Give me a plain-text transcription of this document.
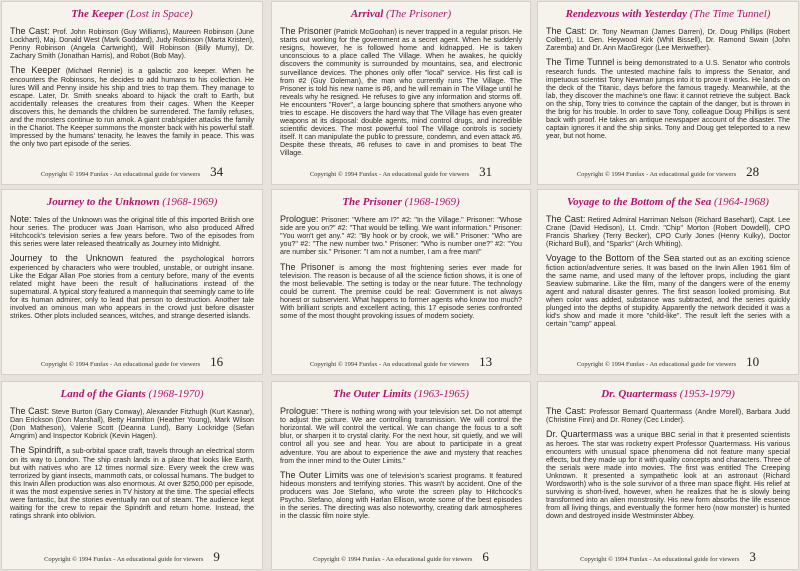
The Keeper (Lost in Space)

The Cast: Prof. John Robinson (Guy Williams), Maureen Robinson (June Lockhart), Maj. Donald West (Mark Goddard), Judy Robinson (Marta Kristen), Penny Robinson (Angela Cartwright), Will Robinson (Billy Mumy), Dr. Zachary Smith (Jonathan Harris), and Robot (Bob May).

The Keeper (Michael Rennie) is a galactic zoo keeper. When he encounters the Robinsons, he decides to add humans to his collection. He lures Will and Penny inside his ship and tries to trap them. They manage to escape. Later, Dr. Smith sneaks aboard to hijack the craft to Earth, but accidentally releases the creatures from their cages. When the Keeper discovers this, he demands the children be surrendered. The family refuses, and the monsters continue to run amok. A giant crab/spider attacks the family in the Chariot. The Keeper summons the monster back with his powerful staff. Impressed by the humans' tenacity, he leaves the family in peace. This was the only two part episode of the series.

Copyright © 1994 Funfax - An educational guide for viewers 34
Arrival (The Prisoner)

The Prisoner (Patrick McGoohan) is never trapped in a regular prison. He starts out working for the government as a secret agent. When he suddenly resigns, however, he is followed home and kidnapped. He is taken unconscious to a place called The Village. When he awakes, he quickly discovers the community is surrounded by mountains, sea, and electronic surveillance devices. The phones only offer "local" service. His first call is from #2 (Guy Doleman), the man who currently runs The Village. The Prisoner is told his new name is #6, and he will remain in The Village until he reveals why he resigned. He refuses to give any information and storms off. He encounters "Rover", a large bouncing sphere that smothers anyone who tries to escape. He discovers the hard way that The Village has even greater weapons at its disposal: double agents, mind control drugs, and incredible scientific devices. The most powerful tool The Village controls is society itself. It can manipulate the public to pressure, condemn, and even attack #6. Despite these threats, #6 refuses to cave in and promises to beat The Village.

Copyright © 1994 Funfax - An educational guide for viewers 31
Rendezvous with Yesterday (The Time Tunnel)

The Cast: Dr. Tony Newman (James Darren), Dr. Doug Phillips (Robert Colbert), Lt. Gen. Heywood Kirk (Whit Bissell), Dr. Ramond Swain (John Zaremba) and Dr. Ann MacGregor (Lee Meriwether).

The Time Tunnel is being demonstrated to a U.S. Senator who controls research funds. The untested machine fails to impress the Senator, and impetuous scientist Tony Newman jumps into it to prove it works. He lands on the deck of the Titanic, days before the famous tragedy. Meanwhile, at the lab, they discover the machine's one flaw: it cannot retrieve the subject. Back on the ship, Tony tries to convince the captain of the danger, but is thrown in the brig for his trouble. In order to save Tony, colleague Doug Phillips is sent back with proof. He takes an antique newspaper account of the disaster. The captain ignores it and the ship sinks. Tony and Doug get teleported to a new year, but not home.

Copyright © 1994 Funfax - An educational guide for viewers 28
Journey to the Unknown (1968-1969)

Note: Tales of the Unknown was the original title of this imported British one hour series. The producer was Joan Harrison, who also produced Alfred Hitchcock's television series a few years before. Two of the episodes from this series were later released theatrically as Journey into Midnight.

Journey to the Unknown featured the psychological horrors experienced by characters who were troubled, unstable, or outright insane. Like the Edgar Allan Poe stories from a century before, many of the events related might have been the result of hallucinations instead of the supernatural. A typical story featured a mannequin that seemingly came to life for its human admirer, only to lead that person to destruction. Another tale involved an ominous man who appears in the crowd just before disaster strikes. Other plots included seances, witches, and strange deserted islands.

Copyright © 1994 Funfax - An educational guide for viewers 16
The Prisoner (1968-1969)

Prologue: Prisoner: "Where am I?" #2: "In the Village." Prisoner: "Whose side are you on?" #2: "That would be telling. We want information." Prisoner: "You won't get any." #2: "By hook or by crook, we will." Prisoner: "Who are you?" #2: "The new number two." Prisoner: "Who is number one?" #2: "You are number six." Prisoner: "I am not a number, I am a free man!"

The Prisoner is among the most frightening series ever made for television. The reason is because of all the science fiction shows, it is one of the most believable. The setting is today or the near future. The technology could be current. The premise could be real: Government is not always honest or subservient. What happens to former agents who know too much? With brilliant scripts and excellent acting, this 17 episode series confronted some of the most thought provoking issues of modern society.

Copyright © 1994 Funfax - An educational guide for viewers 13
Voyage to the Bottom of the Sea (1964-1968)

The Cast: Retired Admiral Harriman Nelson (Richard Basehart), Capt. Lee Crane (David Hedison), Lt. Cmdr. "Chip" Morton (Robert Dowdell), CPO Francis Sharkey (Terry Becker), CPO Curly Jones (Henry Kulky), Doctor (Richard Bull), and "Sparks" (Arch Whiting).

Voyage to the Bottom of the Sea started out as an exciting science fiction action/adventure series. It was based on the Irwin Allen 1961 film of the same name, and used many of the leftover props, including the giant Seaview submarine. Like the film, many of the dangers were of the enemy agent and natural disaster genres. The first season looked promising. But when color was added, substance was subtracted, and the series quickly plunged into the depths of stupidity. Apparently the network decided it was a kid's show and made it more "child-like". The result left the series with a certain "camp" appeal.

Copyright © 1994 Funfax - An educational guide for viewers 10
Land of the Giants (1968-1970)

The Cast: Steve Burton (Gary Conway), Alexander Fitzhugh (Kurt Kasnar), Dan Erickson (Don Marshall), Betty Hamilton (Heather Young), Mark Wilson (Don Matheson), Valerie Scott (Deanna Lund), Barry Lockridge (Sefan Arngrim) and Inspector Kobrick (Kevin Hagen).

The Spindrift, a sub-orbital space craft, travels through an electrical storm on its way to London. The ship crash lands in a place that looks like Earth, but with natives who are 12 times normal size. Every week the crew was terrorized by giant insects, mammoth cats, or colossal humans. The budget to this Irwin Allen production was also enormous. At over $250,000 per episode, it was the most expensive series in TV history at the time. The special effects were fantastic, but the stories eventually ran out of steam. The audience kept waiting for the crew to repair the Spindrift and return home. Instead, the ratings shrank into oblivion.

Copyright © 1994 Funfax - An educational guide for viewers 9
The Outer Limits (1963-1965)

Prologue: "There is nothing wrong with your television set. Do not attempt to adjust the picture. We are controlling transmission. We will control the horizontal. We will control the vertical. We can change the focus to a soft blur, or sharpen it to crystal clarity. For the next hour, sit quietly, and we will control all you see and hear. You are about to participate in a great adventure. You are about to experience the awe and mystery that reaches from the inner mind to the Outer Limits."

The Outer Limits was one of television's scariest programs. It featured hideous monsters and terrifying stories. This wasn't by accident. One of the producers was Joe Stefano, who wrote the screen play to Hitchcock's Psycho. Stefano, along with Harlan Ellison, wrote some of the best episodes in the series. The directing was also noteworthy, creating dark atmospheres in the classic film noire style.

Copyright © 1994 Funfax - An educational guide for viewers 6
Dr. Quartermass (1953-1979)

The Cast: Professor Bernard Quartermass (Andre Morell), Barbara Judd (Christine Finn) and Dr. Roney (Cec Linder).

Dr. Quartermass was a unique BBC serial in that it presented scientists as heroes. The star was rocketry expert Professor Quartermass. His various encounters with unusual space phenomena did not feature many special effects, but they made up for it with quality concepts and characters. Three of the serials were made into movies. The first was entitled The Creeping Unknown. It presented a sympathetic look at an astronaut (Richard Wordsworth) who is the sole survivor of a three man space flight. His relief at surviving is short-lived, however, when he realizes that he is slowly being transformed into an alien monstrosity. His new form absorbs the life essence from all living things, and eventually the former hero (now monster) is hunted down and destroyed inside Westminster Abbey.

Copyright © 1994 Funfax - An educational guide for viewers 3
